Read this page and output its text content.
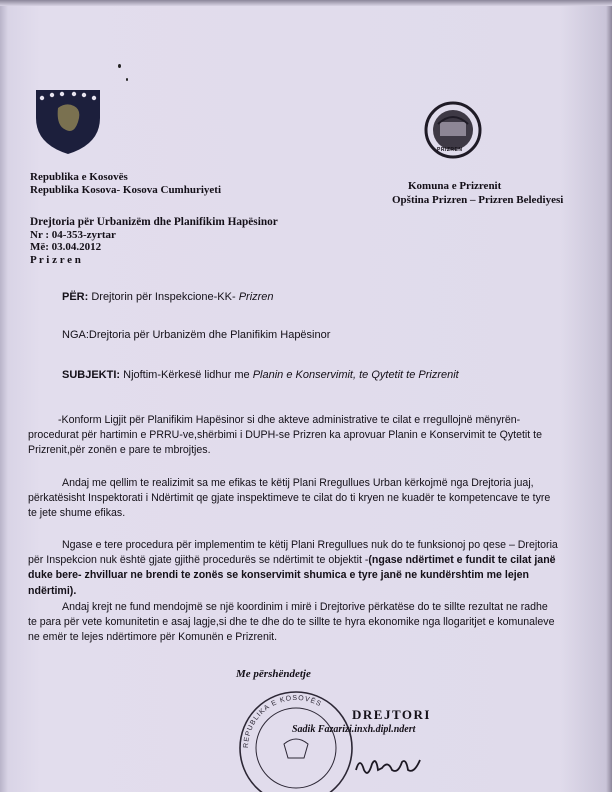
PRIZREN
Republika e Kosovës
Republika Kosova- Kosova Cumhuriyeti	Komuna e Prizrenit
Opština Prizren – Prizren Belediyesi
Drejtoria për Urbanizëm dhe Planifikim Hapësinor
Nr : 04-353-zyrtar
Më: 03.04.2012
P r i z r e n
PËR: Drejtorin për Inspekcione-KK- Prizren
NGA:Drejtoria për Urbanizëm dhe Planifikim Hapësinor
SUBJEKTI: Njoftim-Kërkesë lidhur me Planin e Konservimit, te Qytetit te Prizrenit
-Konform Ligjit për Planifikim Hapësinor si dhe akteve administrative te cilat e rregullojnë mënyrën-procedurat për hartimin e PRRU-ve,shërbimi i DUPH-se Prizren ka aprovuar Planin e Konservimit te Qytetit te Prizrenit,për zonën e pare te mbrojtjes.
Andaj me qellim te realizimit sa me efikas te këtij Plani Rregullues Urban kërkojmë nga Drejtoria juaj, përkatësisht Inspektorati i Ndërtimit qe gjate inspektimeve te cilat do ti kryen ne kuadër te kompetencave te tyre te jete shume efikas.
Ngase e tere procedura për implementim te këtij Plani Rregullues nuk do te funksionoj po qese – Drejtoria për Inspekcion nuk është gjate gjithë procedurës se ndërtimit te objektit -(ngase ndërtimet e fundit te cilat janë duke bere- zhvilluar ne brendi te zonës se konservimit shumica e tyre janë ne kundërshtim me lejen ndërtimi).
Andaj krejt ne fund mendojmë se një koordinim i mirë i Drejtorive përkatëse do te sillte rezultat ne radhe te para për vete komunitetin e asaj lagje,si dhe te dhe do te sillte te hyra ekonomike nga llogaritjet e komunaleve ne emër te lejes ndërtimore për Komunën e Prizrenit.
Me përshëndetje
REPUBLIKA E KOSOVËS
DREJTORI
Sadik Fazarizi.inxh.dipl.ndert
